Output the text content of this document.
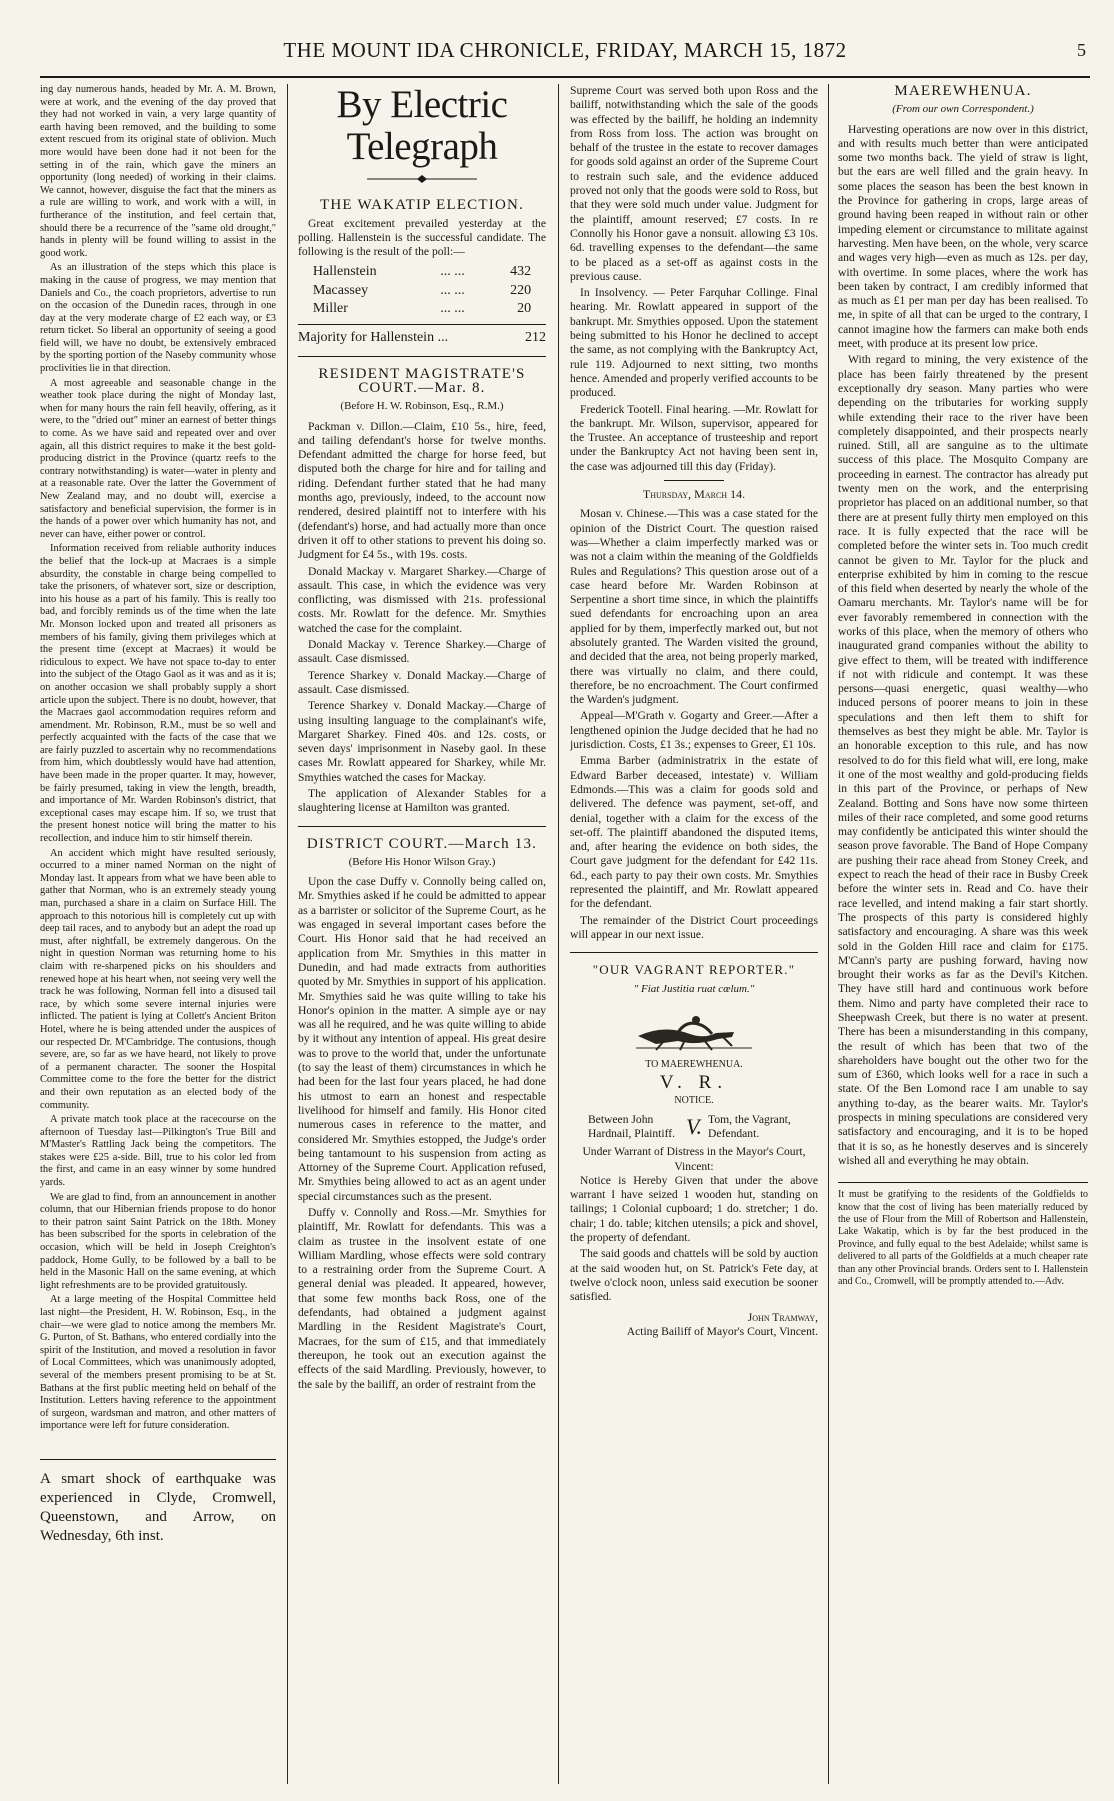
THE MOUNT IDA CHRONICLE, FRIDAY, MARCH 15, 1872	5

ing day numerous hands, headed by Mr. A. M. Brown, were at work, and the evening of the day proved that they had not worked in vain, a very large quantity of earth having been removed, and the building to some extent rescued from its original state of oblivion. Much more would have been done had it not been for the setting in of the rain, which gave the miners an opportunity (long needed) of working in their claims. We cannot, however, disguise the fact that the miners as a rule are willing to work, and work with a will, in furtherance of the institution, and feel certain that, should there be a recurrence of the "same old drought," hands in plenty will be found willing to assist in the good work.

As an illustration of the steps which this place is making in the cause of progress, we may mention that Daniels and Co., the coach proprietors, advertise to run on the occasion of the Dunedin races, through in one day at the very moderate charge of £2 each way, or £3 return ticket. So liberal an opportunity of seeing a good field will, we have no doubt, be extensively embraced by the sporting portion of the Naseby community whose proclivities lie in that direction.

A most agreeable and seasonable change in the weather took place during the night of Monday last, when for many hours the rain fell heavily, offering, as it were, to the "dried out" miner an earnest of better things to come. As we have said and repeated over and over again, all this district requires to make it the best gold-producing district in the Province (quartz reefs to the contrary notwithstanding) is water—water in plenty and at a reasonable rate. Over the latter the Government of New Zealand may, and no doubt will, exercise a satisfactory and beneficial supervision, the former is in the hands of a power over which humanity has not, and never can have, either power or control.

Information received from reliable authority induces the belief that the lock-up at Macraes is a simple absurdity, the constable in charge being compelled to take the prisoners, of whatever sort, size or description, into his house as a part of his family. This is really too bad, and forcibly reminds us of the time when the late Mr. Monson locked upon and treated all prisoners as members of his family, giving them privileges which at the present time (except at Macraes) it would be ridiculous to expect. We have not space to-day to enter into the subject of the Otago Gaol as it was and as it is; on another occasion we shall probably supply a short article upon the subject. There is no doubt, however, that the Macraes gaol accommodation requires reform and amendment. Mr. Robinson, R.M., must be so well and perfectly acquainted with the facts of the case that we are fairly puzzled to ascertain why no recommendations from him, which doubtlessly would have had attention, have been made in the proper quarter. It may, however, be fairly presumed, taking in view the length, breadth, and importance of Mr. Warden Robinson's district, that exceptional cases may escape him. If so, we trust that the present honest notice will bring the matter to his recollection, and induce him to stir himself therein.

An accident which might have resulted seriously, occurred to a miner named Norman on the night of Monday last. It appears from what we have been able to gather that Norman, who is an extremely steady young man, purchased a share in a claim on Surface Hill. The approach to this notorious hill is completely cut up with deep tail races, and to anybody but an adept the road up must, after nightfall, be extremely dangerous. On the night in question Norman was returning home to his claim with re-sharpened picks on his shoulders and renewed hope at his heart when, not seeing very well the track he was following, Norman fell into a disused tail race, by which some severe internal injuries were inflicted. The patient is lying at Collett's Ancient Briton Hotel, where he is being attended under the auspices of our respected Dr. M'Cambridge. The contusions, though severe, are, so far as we have heard, not likely to prove of a permanent character. The sooner the Hospital Committee come to the fore the better for the district and their own reputation as an elected body of the community.

A private match took place at the racecourse on the afternoon of Tuesday last—Pilkington's True Bill and M'Master's Rattling Jack being the competitors. The stakes were £25 a-side. Bill, true to his color led from the first, and came in an easy winner by some hundred yards.

We are glad to find, from an announcement in another column, that our Hibernian friends propose to do honor to their patron saint Saint Patrick on the 18th. Money has been subscribed for the sports in celebration of the occasion, which will be held in Joseph Creighton's paddock, Home Gully, to be followed by a ball to be held in the Masonic Hall on the same evening, at which light refreshments are to be provided gratuitously.

At a large meeting of the Hospital Committee held last night—the President, H. W. Robinson, Esq., in the chair—we were glad to notice among the members Mr. G. Purton, of St. Bathans, who entered cordially into the spirit of the Institution, and moved a resolution in favor of Local Committees, which was unanimously adopted, several of the members present promising to be at St. Bathans at the first public meeting held on behalf of the Institution. Letters having reference to the appointment of surgeon, wardsman and matron, and other matters of importance were left for future consideration.

A smart shock of earthquake was experienced in Clyde, Cromwell, Queenstown, and Arrow, on Wednesday, 6th inst.
By Electric Telegraph
THE WAKATIP ELECTION.

Great excitement prevailed yesterday at the polling. Hallenstein is the successful candidate. The following is the result of the poll:—

Hallenstein	... ...	432
Macassey	... ...	220
Miller	... ...	20
Majority for Hallenstein ...	212
RESIDENT MAGISTRATE'S COURT.—Mar. 8.
(Before H. W. Robinson, Esq., R.M.)

Packman v. Dillon.—Claim, £10 5s., hire, feed, and tailing defendant's horse for twelve months. Defendant admitted the charge for horse feed, but disputed both the charge for hire and for tailing and riding. Defendant further stated that he had many months ago, previously, indeed, to the account now rendered, desired plaintiff not to interfere with his (defendant's) horse, and had actually more than once driven it off to other stations to prevent his doing so. Judgment for £4 5s., with 19s. costs.

Donald Mackay v. Margaret Sharkey.—Charge of assault. This case, in which the evidence was very conflicting, was dismissed with 21s. professional costs. Mr. Rowlatt for the defence. Mr. Smythies watched the case for the complaint.

Donald Mackay v. Terence Sharkey.—Charge of assault. Case dismissed.

Terence Sharkey v. Donald Mackay.—Charge of assault. Case dismissed.

Terence Sharkey v. Donald Mackay.—Charge of using insulting language to the complainant's wife, Margaret Sharkey. Fined 40s. and 12s. costs, or seven days' imprisonment in Naseby gaol. In these cases Mr. Rowlatt appeared for Sharkey, while Mr. Smythies watched the cases for Mackay.

The application of Alexander Stables for a slaughtering license at Hamilton was granted.

DISTRICT COURT.—March 13.
(Before His Honor Wilson Gray.)

Upon the case Duffy v. Connolly being called on, Mr. Smythies asked if he could be admitted to appear as a barrister or solicitor of the Supreme Court, as he was engaged in several important cases before the Court. His Honor said that he had received an application from Mr. Smythies in this matter in Dunedin, and had made extracts from authorities quoted by Mr. Smythies in support of his application. Mr. Smythies said he was quite willing to take his Honor's opinion in the matter. A simple aye or nay was all he required, and he was quite willing to abide by it without any intention of appeal. His great desire was to prove to the world that, under the unfortunate (to say the least of them) circumstances in which he had been for the last four years placed, he had done his utmost to earn an honest and respectable livelihood for himself and family. His Honor cited numerous cases in reference to the matter, and considered Mr. Smythies estopped, the Judge's order being tantamount to his suspension from acting as Attorney of the Supreme Court. Application refused, Mr. Smythies being allowed to act as an agent under special circumstances such as the present.

Duffy v. Connolly and Ross.—Mr. Smythies for plaintiff, Mr. Rowlatt for defendants. This was a claim as trustee in the insolvent estate of one William Mardling, whose effects were sold contrary to a restraining order from the Supreme Court. A general denial was pleaded. It appeared, however, that some few months back Ross, one of the defendants, had obtained a judgment against Mardling in the Resident Magistrate's Court, Macraes, for the sum of £15, and that immediately thereupon, he took out an execution against the effects of the said Mardling. Previously, however, to the sale by the bailiff, an order of restraint from the

Supreme Court was served both upon Ross and the bailiff, notwithstanding which the sale of the goods was effected by the bailiff, he holding an indemnity from Ross from loss. The action was brought on behalf of the trustee in the estate to recover damages for goods sold against an order of the Supreme Court to restrain such sale, and the evidence adduced proved not only that the goods were sold to Ross, but that they were sold much under value. Judgment for the plaintiff, amount reserved; £7 costs. In re Connolly his Honor gave a nonsuit. allowing £3 10s. 6d. travelling expenses to the defendant—the same to be placed as a set-off as against costs in the previous cause.

In Insolvency. — Peter Farquhar Collinge. Final hearing. Mr. Rowlatt appeared in support of the bankrupt. Mr. Smythies opposed. Upon the statement being submitted to his Honor he declined to accept the same, as not complying with the Bankruptcy Act, rule 119. Adjourned to next sitting, two months hence. Amended and properly verified accounts to be produced.

Frederick Tootell. Final hearing. —Mr. Rowlatt for the bankrupt. Mr. Wilson, supervisor, appeared for the Trustee. An acceptance of trusteeship and report under the Bankruptcy Act not having been sent in, the case was adjourned till this day (Friday).

Thursday, March 14.

Mosan v. Chinese.—This was a case stated for the opinion of the District Court. The question raised was—Whether a claim imperfectly marked was or was not a claim within the meaning of the Goldfields Rules and Regulations? This question arose out of a case heard before Mr. Warden Robinson at Serpentine a short time since, in which the plaintiffs sued defendants for encroaching upon an area applied for by them, imperfectly marked out, but not absolutely granted. The Warden visited the ground, and decided that the area, not being properly marked, there was virtually no claim, and there could, therefore, be no encroachment. The Court confirmed the Warden's judgment.

Appeal—M'Grath v. Gogarty and Greer.—After a lengthened opinion the Judge decided that he had no jurisdiction. Costs, £1 3s.; expenses to Greer, £1 10s.

Emma Barber (administratrix in the estate of Edward Barber deceased, intestate) v. William Edmonds.—This was a claim for goods sold and delivered. The defence was payment, set-off, and denial, together with a claim for the excess of the set-off. The plaintiff abandoned the disputed items, and, after hearing the evidence on both sides, the Court gave judgment for the defendant for £42 11s. 6d., each party to pay their own costs. Mr. Smythies represented the plaintiff, and Mr. Rowlatt appeared for the defendant.

The remainder of the District Court proceedings will appear in our next issue.

"OUR VAGRANT REPORTER."
" Fiat Justitia ruat cœlum."
TO MAEREWHENUA.
V. R.
NOTICE.
Between John Hardnail, Plaintiff. V. Tom, the Vagrant, Defendant.
Under Warrant of Distress in the Mayor's Court, Vincent:

Notice is Hereby Given that under the above warrant I have seized 1 wooden hut, standing on tailings; 1 Colonial cupboard; 1 do. stretcher; 1 do. chair; 1 do. table; kitchen utensils; a pick and shovel, the property of defendant.

The said goods and chattels will be sold by auction at the said wooden hut, on St. Patrick's Fete day, at twelve o'clock noon, unless said execution be sooner satisfied.

John Tramway,
Acting Bailiff of Mayor's Court, Vincent.
MAEREWHENUA.
(From our own Correspondent.)

Harvesting operations are now over in this district, and with results much better than were anticipated some two months back. The yield of straw is light, but the ears are well filled and the grain heavy. In some places the season has been the best known in the Province for gathering in crops, large areas of ground having been reaped in without rain or other impeding element or circumstance to militate against harvesting. Men have been, on the whole, very scarce and wages very high—even as much as 12s. per day, with overtime. In some places, where the work has been taken by contract, I am credibly informed that as much as £1 per man per day has been realised. To me, in spite of all that can be urged to the contrary, I cannot imagine how the farmers can make both ends meet, with produce at its present low price.

With regard to mining, the very existence of the place has been fairly threatened by the present exceptionally dry season. Many parties who were depending on the tributaries for working supply while extending their race to the river have been completely disappointed, and their prospects nearly ruined. Still, all are sanguine as to the ultimate success of this place. The Mosquito Company are proceeding in earnest. The contractor has already put twenty men on the work, and the enterprising proprietor has placed on an additional number, so that there are at present fully thirty men employed on this race. It is fully expected that the race will be completed before the winter sets in. Too much credit cannot be given to Mr. Taylor for the pluck and enterprise exhibited by him in coming to the rescue of this field when deserted by nearly the whole of the Oamaru merchants. Mr. Taylor's name will be for ever favorably remembered in connection with the works of this place, when the memory of others who inaugurated grand companies without the ability to give effect to them, will be treated with indifference if not with ridicule and contempt. It was these persons—quasi energetic, quasi wealthy—who induced persons of poorer means to join in these speculations and then left them to shift for themselves as best they might be able. Mr. Taylor is an honorable exception to this rule, and has now resolved to do for this field what will, ere long, make it one of the most wealthy and gold-producing fields in this part of the Province, or perhaps of New Zealand. Botting and Sons have now some thirteen miles of their race completed, and some good returns may confidently be anticipated this winter should the season prove favorable. The Band of Hope Company are pushing their race ahead from Stoney Creek, and expect to reach the head of their race in Busby Creek before the winter sets in. Read and Co. have their race levelled, and intend making a fair start shortly. The prospects of this party is considered highly satisfactory and encouraging. A share was this week sold in the Golden Hill race and claim for £175. M'Cann's party are pushing forward, having now brought their works as far as the Devil's Kitchen. They have still hard and continuous work before them. Nimo and party have completed their race to Sheepwash Creek, but there is no water at present. There has been a misunderstanding in this company, the result of which has been that two of the shareholders have bought out the other two for the sum of £360, which looks well for a race in such a state. Of the Ben Lomond race I am unable to say anything to-day, as the bearer waits. Mr. Taylor's prospects in mining speculations are considered very satisfactory and encouraging, and it is to be hoped that it is so, as he honestly deserves and is sincerely wished all and everything he may obtain.

It must be gratifying to the residents of the Goldfields to know that the cost of living has been materially reduced by the use of Flour from the Mill of Robertson and Hallenstein, Lake Wakatip, which is by far the best produced in the Province, and fully equal to the best Adelaide; whilst same is delivered to all parts of the Goldfields at a much cheaper rate than any other Provincial brands. Orders sent to I. Hallenstein and Co., Cromwell, will be promptly attended to.—Adv.
